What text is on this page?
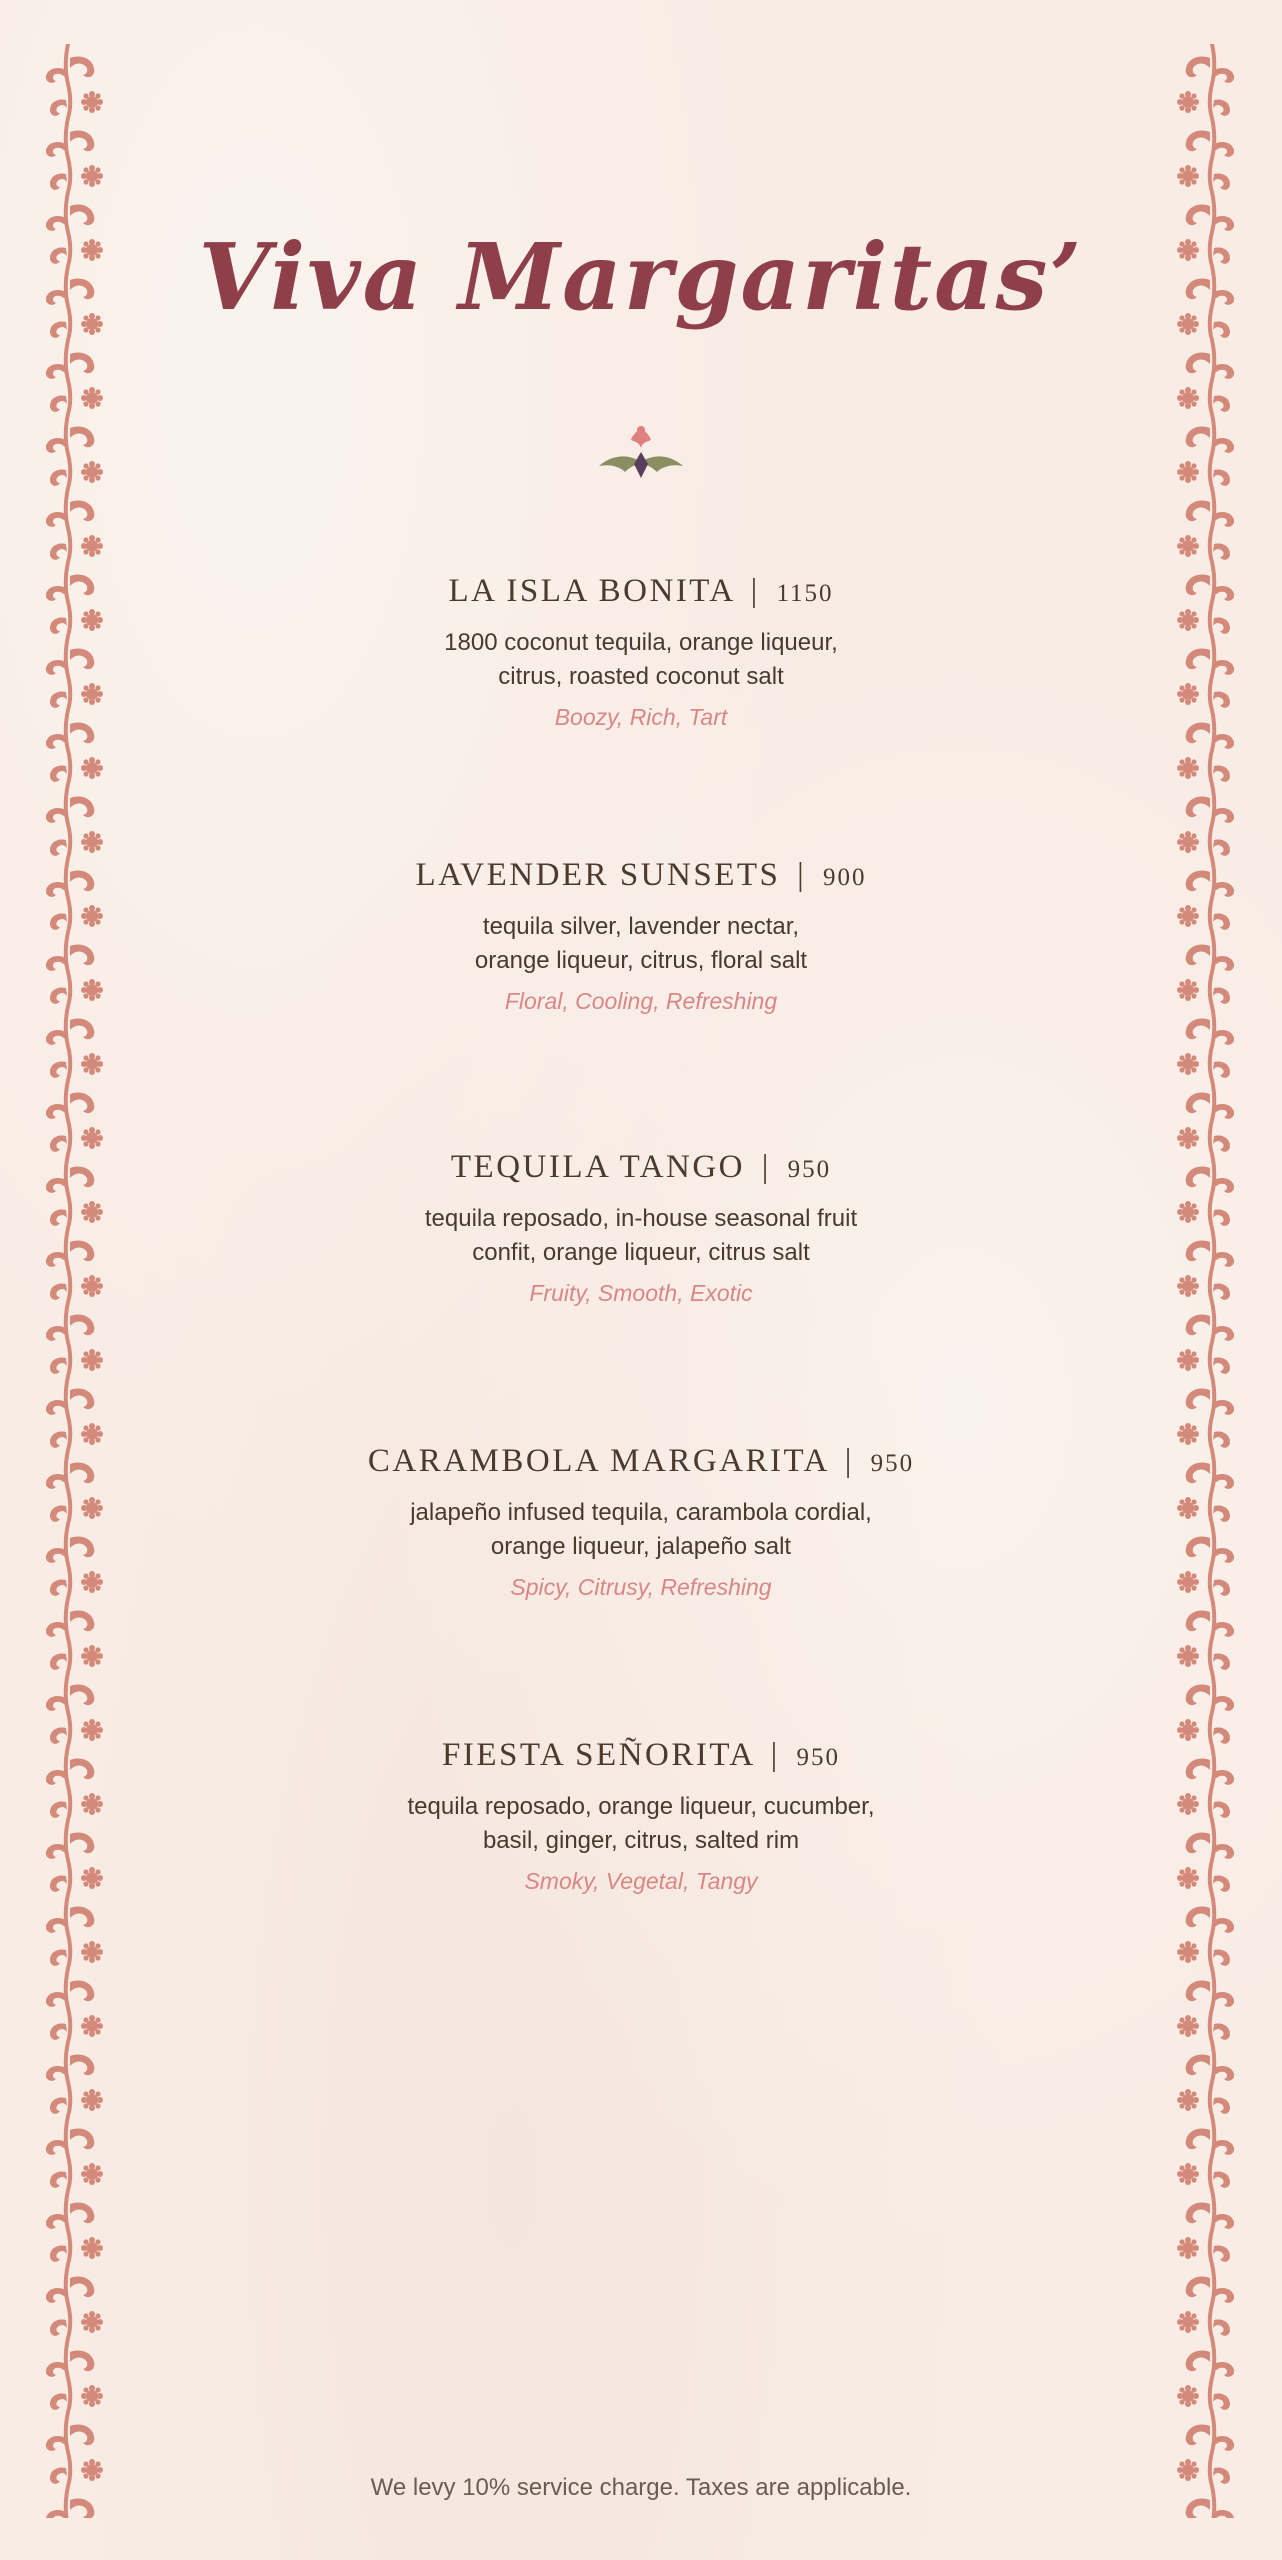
Viva Margaritas’
LA ISLA BONITA | 1150
1800 coconut tequila, orange liqueur,
citrus, roasted coconut salt
Boozy, Rich, Tart
LAVENDER SUNSETS | 900
tequila silver, lavender nectar,
orange liqueur, citrus, floral salt
Floral, Cooling, Refreshing
TEQUILA TANGO | 950
tequila reposado, in-house seasonal fruit
confit, orange liqueur, citrus salt
Fruity, Smooth, Exotic
CARAMBOLA MARGARITA | 950
jalapeño infused tequila, carambola cordial,
orange liqueur, jalapeño salt
Spicy, Citrusy, Refreshing
FIESTA SEÑORITA | 950
tequila reposado, orange liqueur, cucumber,
basil, ginger, citrus, salted rim
Smoky, Vegetal, Tangy
We levy 10% service charge. Taxes are applicable.
